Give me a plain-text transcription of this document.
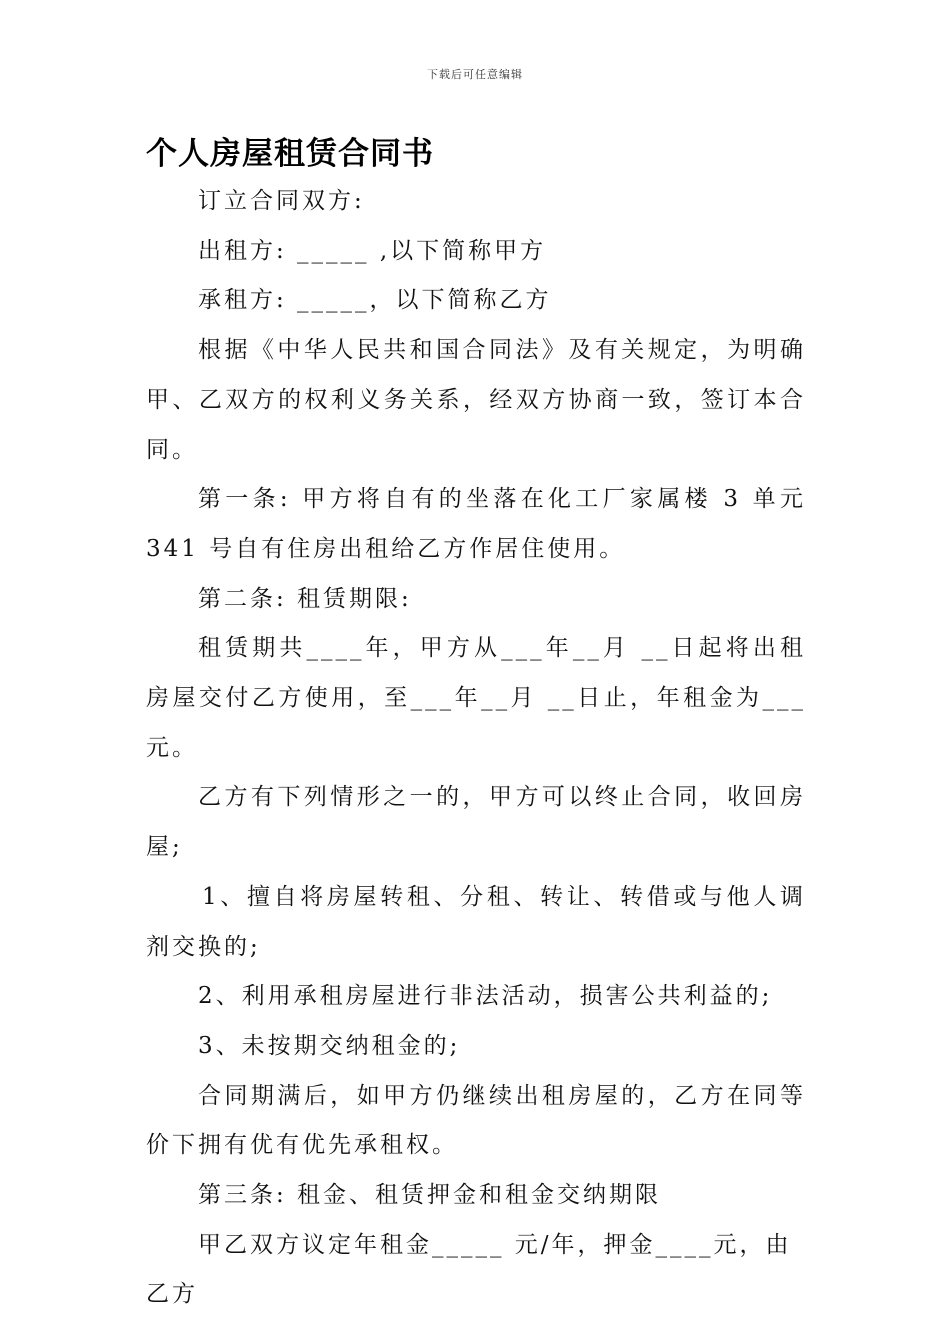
下载后可任意编辑
个人房屋租赁合同书

订立合同双方:

出租方: _____ ,以下简称甲方

承租方: _____，以下简称乙方

根据《中华人民共和国合同法》及有关规定，为明确甲、乙双方的权利义务关系，经双方协商一致，签订本合同。

第一条: 甲方将自有的坐落在化工厂家属楼 3 单元 341 号自有住房出租给乙方作居住使用。

第二条: 租赁期限:

租赁期共____年，甲方从___年__月 __日起将出租房屋交付乙方使用，至___年__月 __日止，年租金为___元。

乙方有下列情形之一的，甲方可以终止合同，收回房屋;

1、擅自将房屋转租、分租、转让、转借或与他人调剂交换的;

2、利用承租房屋进行非法活动，损害公共利益的;

3、未按期交纳租金的;

合同期满后，如甲方仍继续出租房屋的，乙方在同等价下拥有优有优先承租权。

第三条: 租金、租赁押金和租金交纳期限

甲乙双方议定年租金_____ 元/年，押金____元，由乙方
